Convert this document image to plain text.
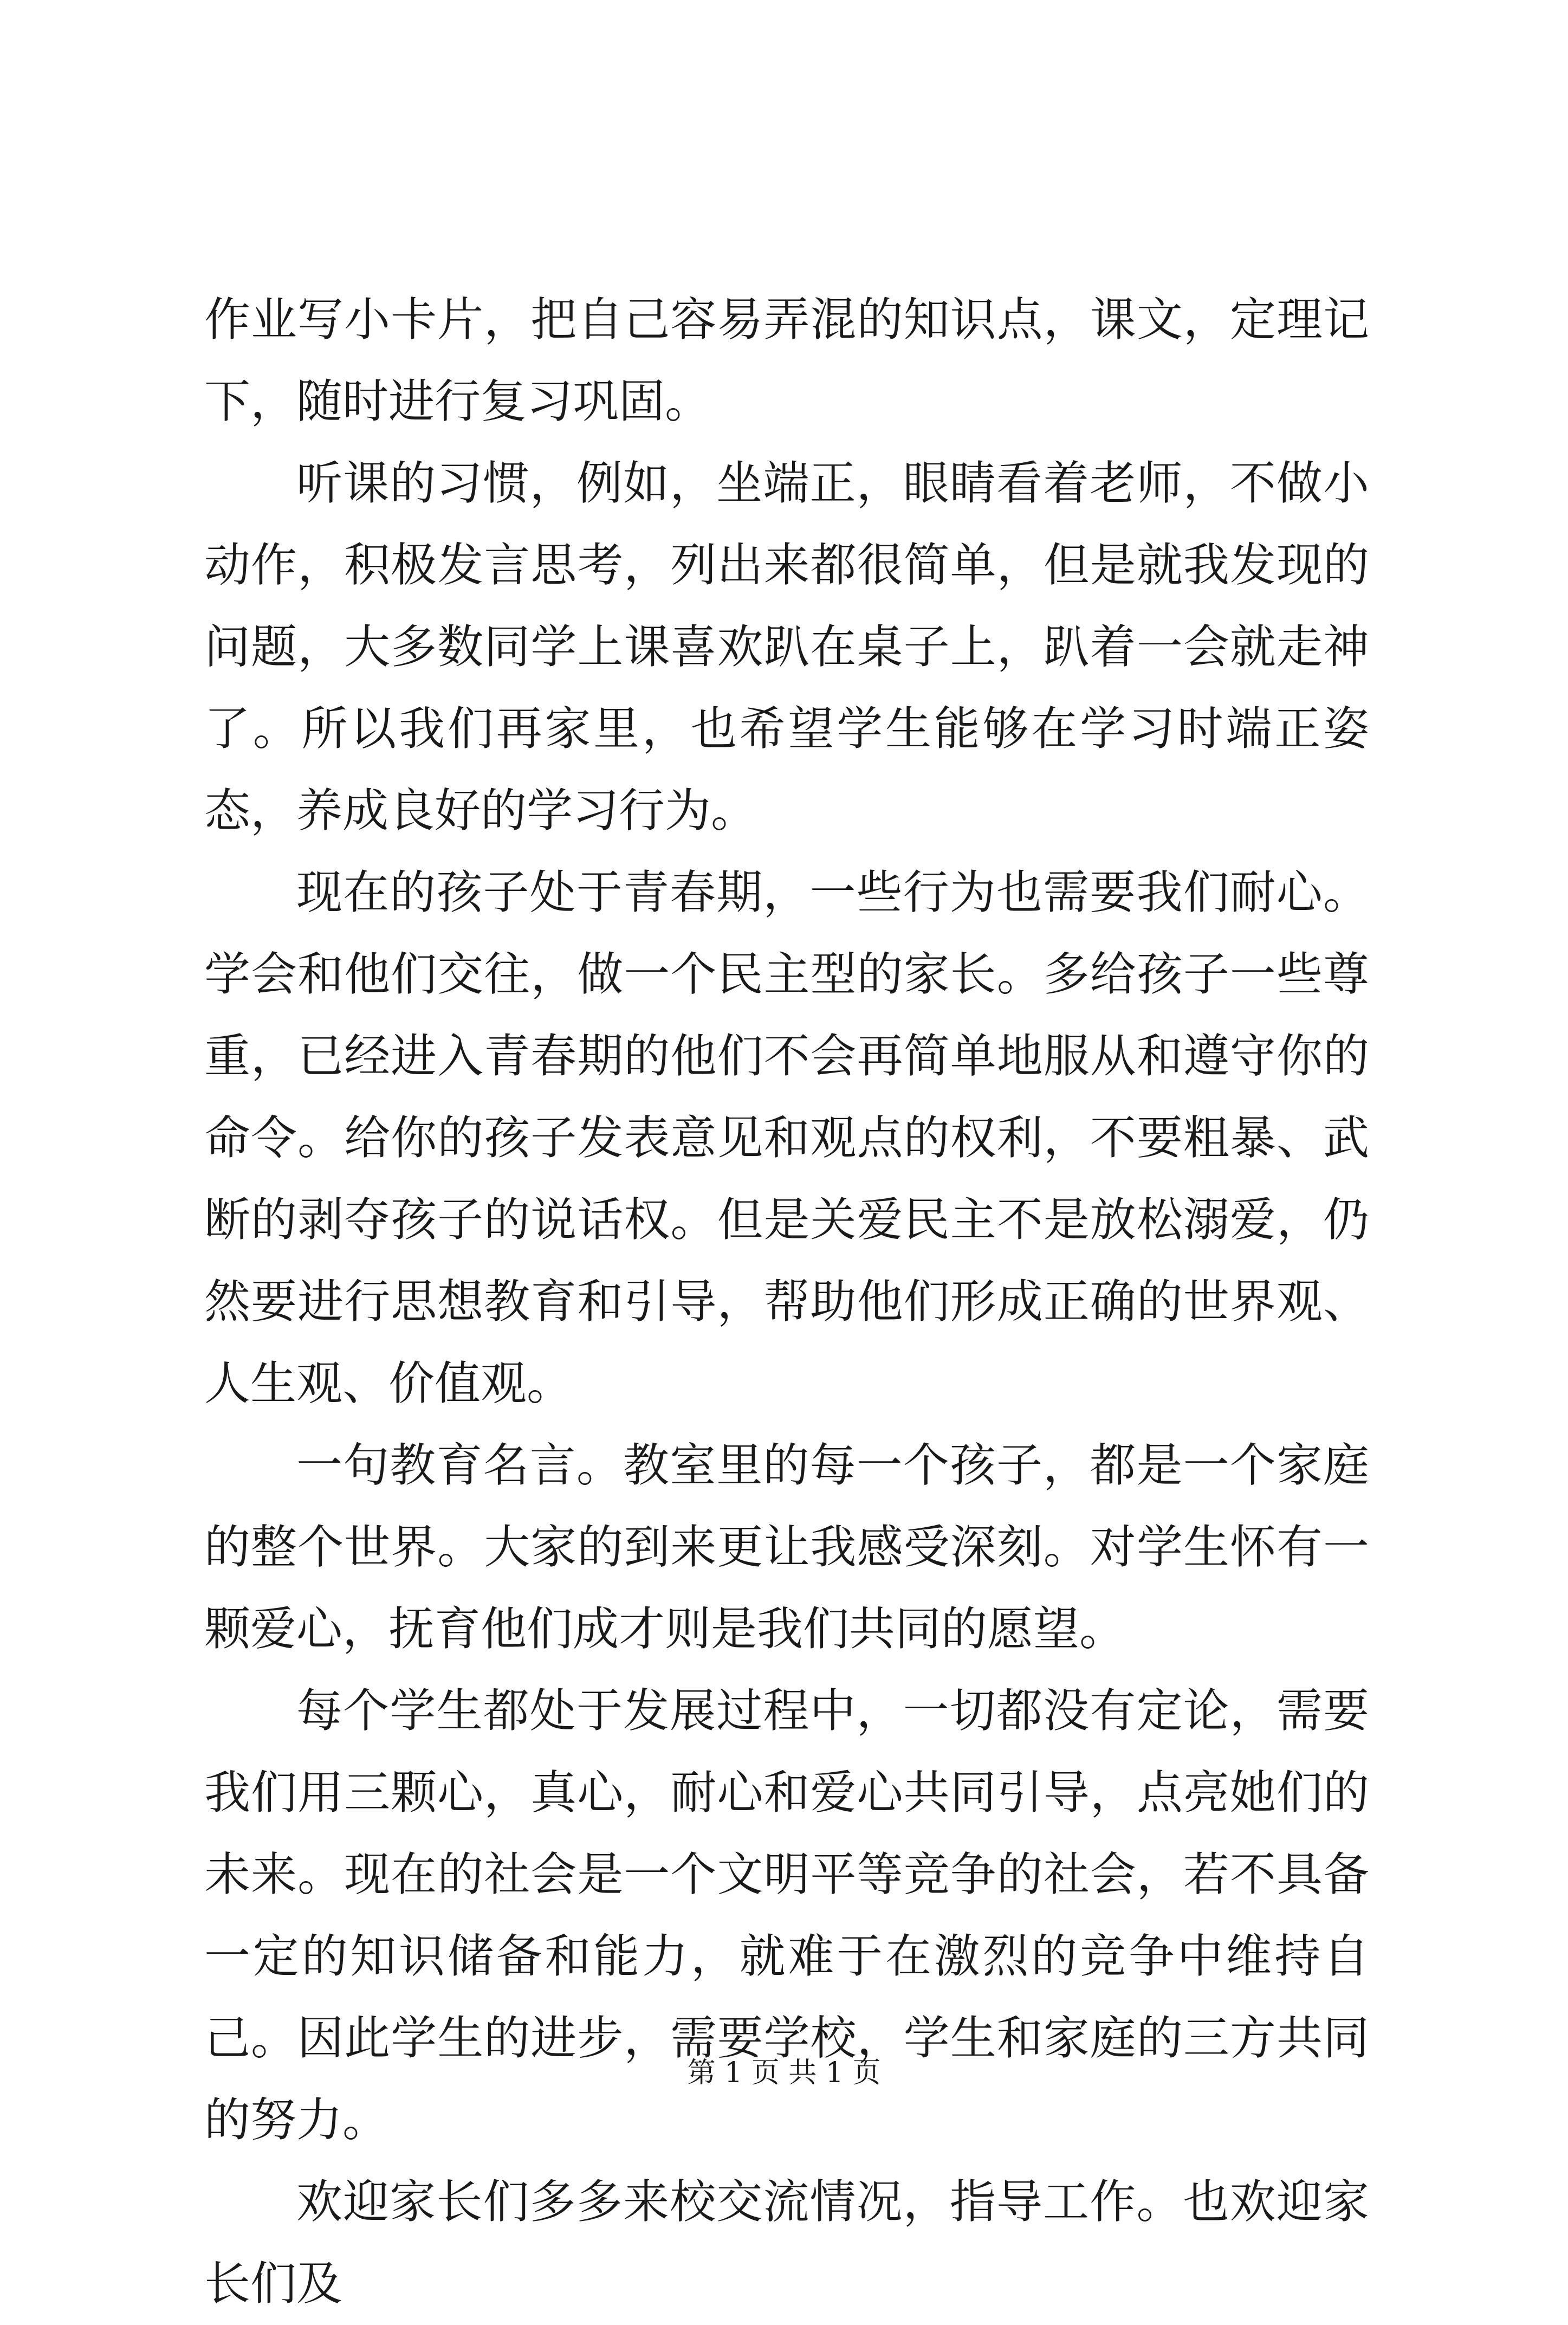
作业写小卡片，把自己容易弄混的知识点，课文，定理记下，随时进行复习巩固。

听课的习惯，例如，坐端正，眼睛看着老师，不做小动作，积极发言思考，列出来都很简单，但是就我发现的问题，大多数同学上课喜欢趴在桌子上，趴着一会就走神了。所以我们再家里，也希望学生能够在学习时端正姿态，养成良好的学习行为。

现在的孩子处于青春期，一些行为也需要我们耐心。学会和他们交往，做一个民主型的家长。多给孩子一些尊重，已经进入青春期的他们不会再简单地服从和遵守你的命令。给你的孩子发表意见和观点的权利，不要粗暴、武断的剥夺孩子的说话权。但是关爱民主不是放松溺爱，仍然要进行思想教育和引导，帮助他们形成正确的世界观、人生观、价值观。

一句教育名言。教室里的每一个孩子，都是一个家庭的整个世界。大家的到来更让我感受深刻。对学生怀有一颗爱心，抚育他们成才则是我们共同的愿望。

每个学生都处于发展过程中，一切都没有定论，需要我们用三颗心，真心，耐心和爱心共同引导，点亮她们的未来。现在的社会是一个文明平等竞争的社会，若不具备一定的知识储备和能力，就难于在激烈的竞争中维持自己。因此学生的进步，需要学校，学生和家庭的三方共同的努力。

欢迎家长们多多来校交流情况，指导工作。也欢迎家长们及

第 1 页 共 1 页
